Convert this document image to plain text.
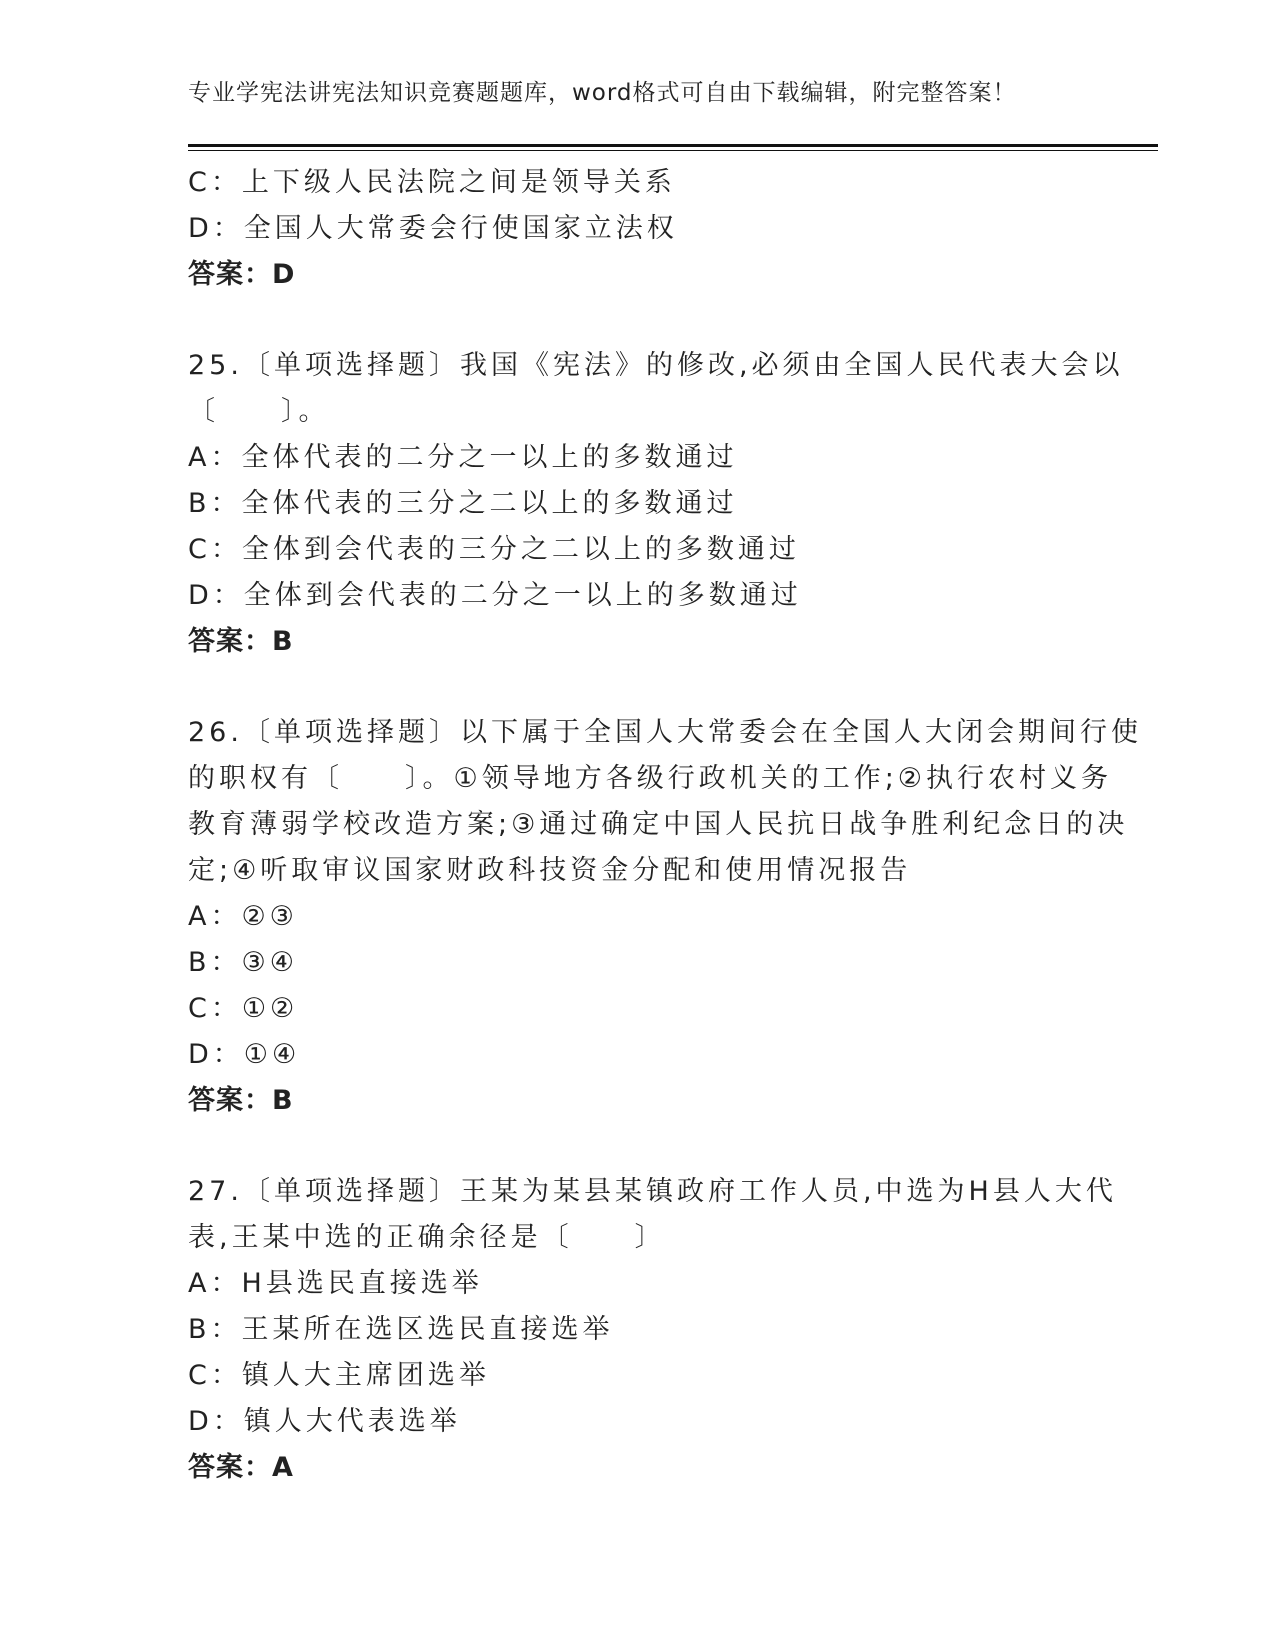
专业学宪法讲宪法知识竞赛题题库，word格式可自由下载编辑，附完整答案！
C：上下级人民法院之间是领导关系
D：全国人大常委会行使国家立法权
答案：D
25.〔单项选择题〕我国《宪法》的修改,必须由全国人民代表大会以
〔　　〕。
A：全体代表的二分之一以上的多数通过
B：全体代表的三分之二以上的多数通过
C：全体到会代表的三分之二以上的多数通过
D：全体到会代表的二分之一以上的多数通过
答案：B
26.〔单项选择题〕以下属于全国人大常委会在全国人大闭会期间行使
的职权有〔　　〕。①领导地方各级行政机关的工作;②执行农村义务
教育薄弱学校改造方案;③通过确定中国人民抗日战争胜利纪念日的决
定;④听取审议国家财政科技资金分配和使用情况报告
A：②③
B：③④
C：①②
D：①④
答案：B
27.〔单项选择题〕王某为某县某镇政府工作人员,中选为H县人大代
表,王某中选的正确余径是〔　　〕
A：H县选民直接选举
B：王某所在选区选民直接选举
C：镇人大主席团选举
D：镇人大代表选举
答案：A
